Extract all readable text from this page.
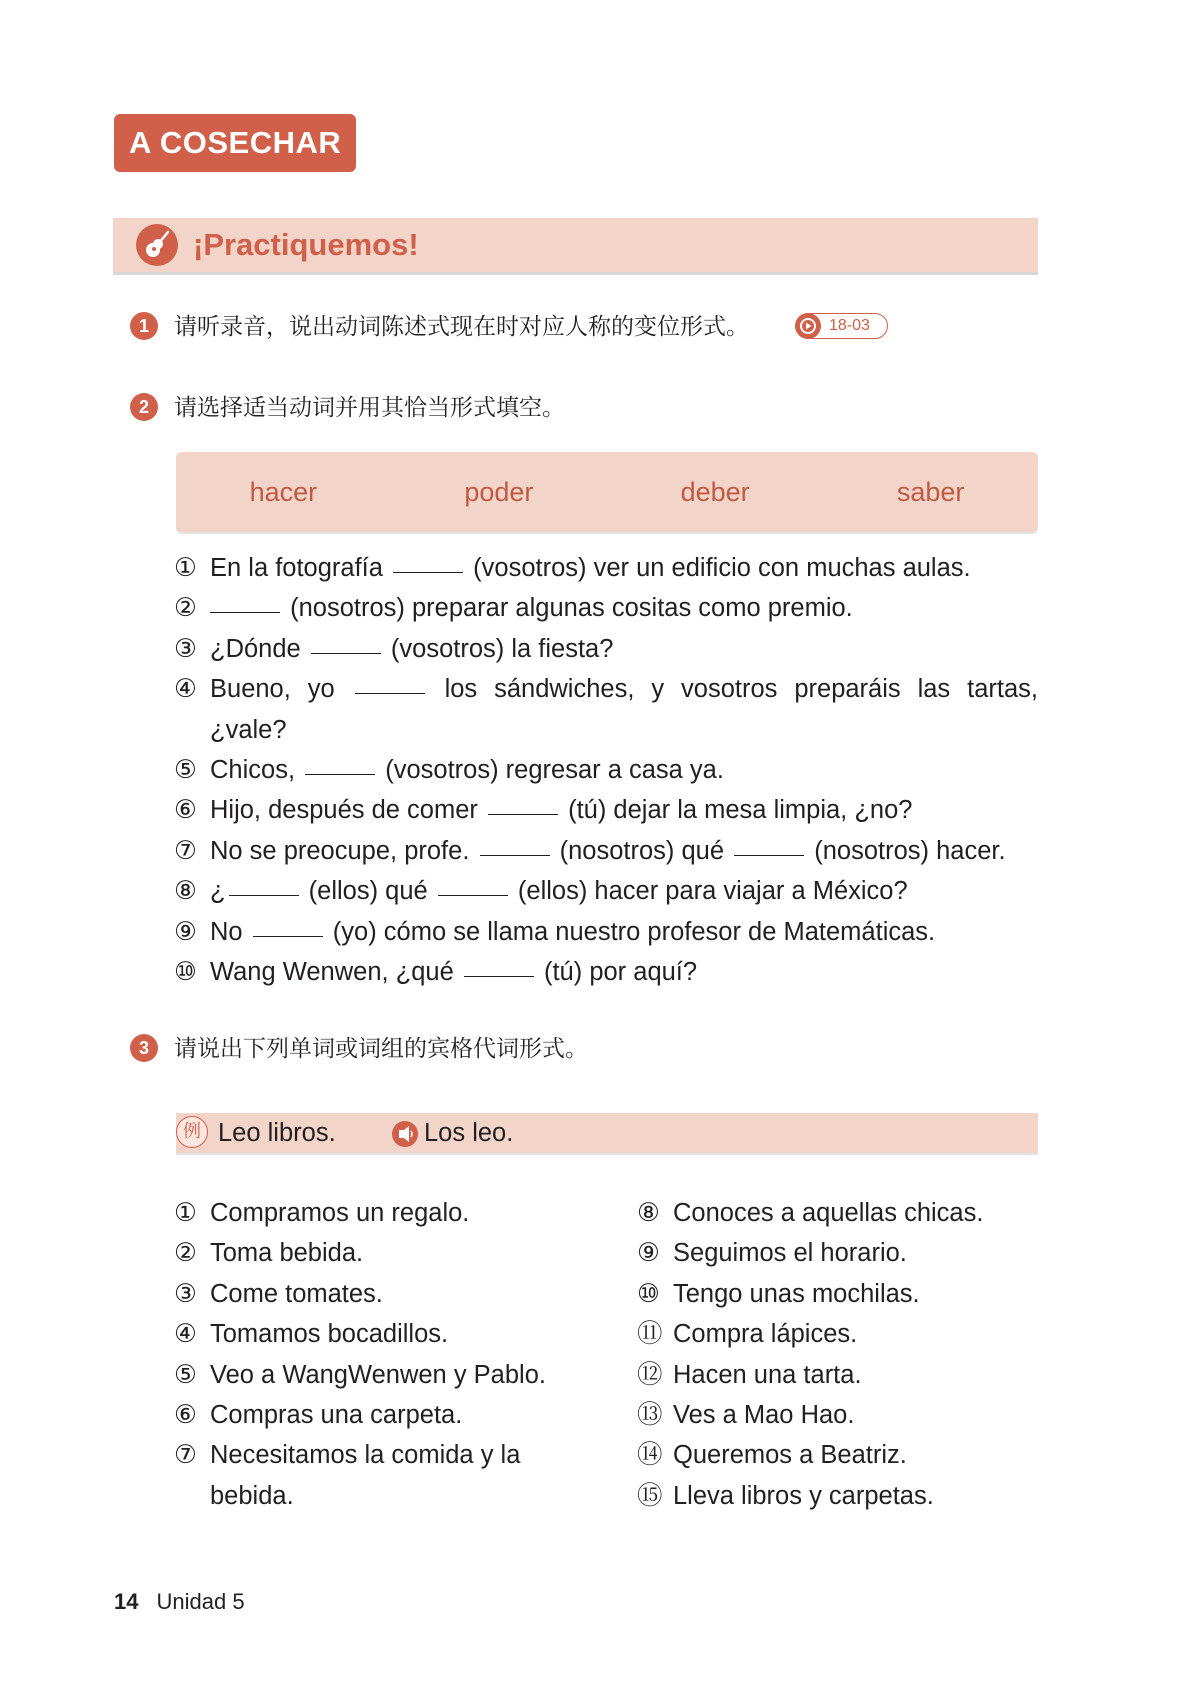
A COSECHAR
¡Practiquemos!
1	请听录音，说出动词陈述式现在时对应人称的变位形式。	18-03
2	请选择适当动词并用其恰当形式填空。
hacer	poder	deber	saber
① En la fotografía	(vosotros) ver un edificio con muchas aulas.
②	(nosotros) preparar algunas cositas como premio.
③ ¿Dónde	(vosotros) la fiesta?
④ Bueno, yo	los sándwiches, y vosotros preparáis las tartas,
¿vale?
⑤ Chicos,	(vosotros) regresar a casa ya.
⑥ Hijo, después de comer	(tú) dejar la mesa limpia, ¿no?
⑦ No se preocupe, profe.	(nosotros) qué	(nosotros) hacer.
⑧ ¿	(ellos) qué	(ellos) hacer para viajar a México?
⑨ No	(yo) cómo se llama nuestro profesor de Matemáticas.
⑩ Wang Wenwen, ¿qué	(tú) por aquí?
3	请说出下列单词或词组的宾格代词形式。
例 Leo libros.	Los leo.
① Compramos un regalo.
② Toma bebida.
③ Come tomates.
④ Tomamos bocadillos.
⑤ Veo a WangWenwen y Pablo.
⑥ Compras una carpeta.
⑦ Necesitamos la comida y la bebida.
⑧ Conoces a aquellas chicas.
⑨ Seguimos el horario.
⑩ Tengo unas mochilas.
⑪ Compra lápices.
⑫ Hacen una tarta.
⑬ Ves a Mao Hao.
⑭ Queremos a Beatriz.
⑮ Lleva libros y carpetas.
14 Unidad 5
